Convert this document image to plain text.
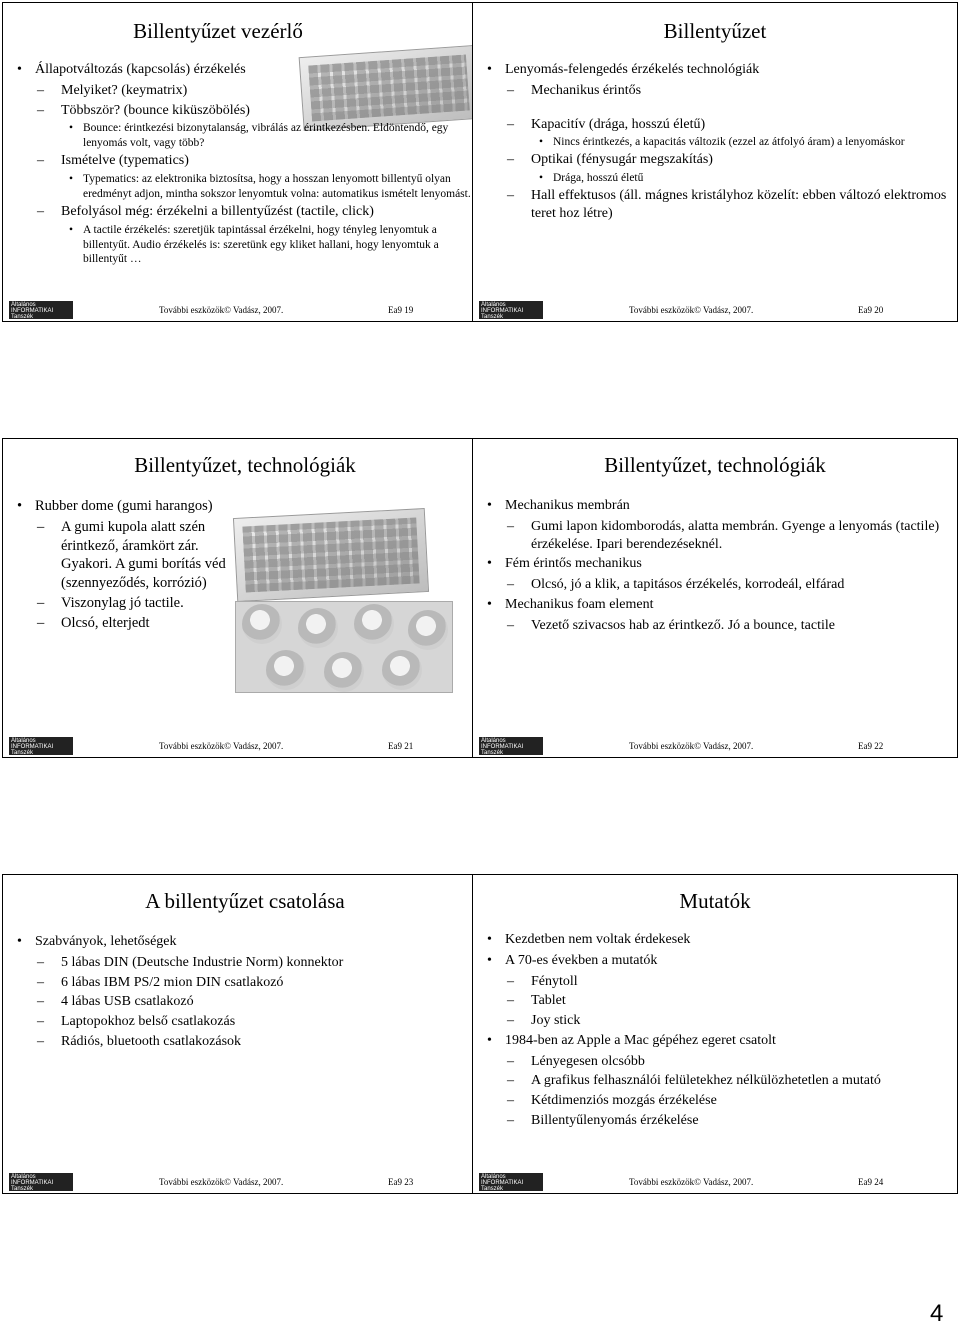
Billentyűzet vezérlő
• Állapotváltozás (kapcsolás) érzékelés
– Melyiket? (keymatrix)
– Többször? (bounce kiküszöbölés)
• Bounce: érintkezési bizonytalanság, vibrálás az érintkezésben. Eldöntendő, egy lenyomás volt, vagy több?
– Ismételve (typematics)
• Typematics: az elektronika biztosítsa, hogy a hosszan lenyomott billentyű olyan eredményt adjon, mintha sokszor lenyomtuk volna: automatikus ismételt lenyomást.
– Befolyásol még: érzékelni a billentyűzést (tactile, click)
• A tactile érzékelés: szeretjük tapintással érzékelni, hogy tényleg lenyomtuk a billentyűt. Audio érzékelés is: szeretünk egy kliket hallani, hogy lenyomtuk a billentyűt …
Általános
INFORMATIKAI
Tanszék
További eszközök© Vadász, 2007.	Ea9 19
Billentyűzet
• Lenyomás-felengedés érzékelés technológiák
– Mechanikus érintős
– Kapacitív (drága, hosszú életű)
• Nincs érintkezés, a kapacitás változik (ezzel az átfolyó áram) a lenyomáskor
– Optikai (fénysugár megszakítás)
• Drága, hosszú életű
– Hall effektusos (áll. mágnes kristályhoz közelít: ebben változó elektromos teret hoz létre)
Általános
INFORMATIKAI
Tanszék
További eszközök© Vadász, 2007.	Ea9 20
Billentyűzet, technológiák
• Rubber dome (gumi harangos)
– A gumi kupola alatt szén érintkező, áramkört zár. Gyakori. A gumi borítás véd (szennyeződés, korrózió)
– Viszonylag jó tactile.
– Olcsó, elterjedt
Általános
INFORMATIKAI
Tanszék
További eszközök© Vadász, 2007.	Ea9 21
Billentyűzet, technológiák
• Mechanikus membrán
– Gumi lapon kidomborodás, alatta membrán. Gyenge a lenyomás (tactile) érzékelése. Ipari berendezéseknél.
• Fém érintős mechanikus
– Olcsó, jó a klik, a tapitásos érzékelés, korrodeál, elfárad
• Mechanikus foam element
– Vezető szivacsos hab az érintkező. Jó a bounce, tactile
Általános
INFORMATIKAI
Tanszék
További eszközök© Vadász, 2007.	Ea9 22
A billentyűzet csatolása
• Szabványok, lehetőségek
– 5 lábas DIN (Deutsche Industrie Norm) konnektor
– 6 lábas IBM PS/2 mion DIN csatlakozó
– 4 lábas USB csatlakozó
– Laptopokhoz belső csatlakozás
– Rádiós, bluetooth csatlakozások
Általános
INFORMATIKAI
Tanszék
További eszközök© Vadász, 2007.	Ea9 23
Mutatók
• Kezdetben nem voltak érdekesek
• A 70-es években a mutatók
– Fénytoll
– Tablet
– Joy stick
• 1984-ben az Apple a Mac gépéhez egeret csatolt
– Lényegesen olcsóbb
– A grafikus felhasználói felületekhez nélkülözhetetlen a mutató
– Kétdimenziós mozgás érzékelése
– Billentyűlenyomás érzékelése
Általános
INFORMATIKAI
Tanszék
További eszközök© Vadász, 2007.	Ea9 24
4
